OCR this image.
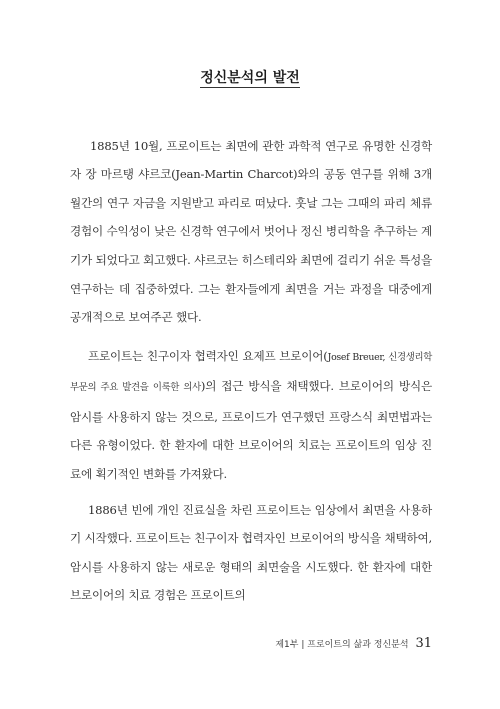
정신분석의 발전

1885년 10월, 프로이트는 최면에 관한 과학적 연구로 유명한 신경학자 장 마르탱 샤르코(Jean-Martin Charcot)와의 공동 연구를 위해 3개월간의 연구 자금을 지원받고 파리로 떠났다. 훗날 그는 그때의 파리 체류 경험이 수익성이 낮은 신경학 연구에서 벗어나 정신 병리학을 추구하는 계기가 되었다고 회고했다. 샤르코는 히스테리와 최면에 걸리기 쉬운 특성을 연구하는 데 집중하였다. 그는 환자들에게 최면을 거는 과정을 대중에게 공개적으로 보여주곤 했다.

프로이트는 친구이자 협력자인 요제프 브로이어(Josef Breuer, 신경생리학 부문의 주요 발견을 이룩한 의사)의 접근 방식을 채택했다. 브로이어의 방식은 암시를 사용하지 않는 것으로, 프로이드가 연구했던 프랑스식 최면법과는 다른 유형이었다. 한 환자에 대한 브로이어의 치료는 프로이트의 임상 진료에 획기적인 변화를 가져왔다.

1886년 빈에 개인 진료실을 차린 프로이트는 임상에서 최면을 사용하기 시작했다. 프로이트는 친구이자 협력자인 브로이어의 방식을 채택하여, 암시를 사용하지 않는 새로운 형태의 최면술을 시도했다. 한 환자에 대한 브로이어의 치료 경험은 프로이트의

제1부 | 프로이트의 삶과 정신분석 31
